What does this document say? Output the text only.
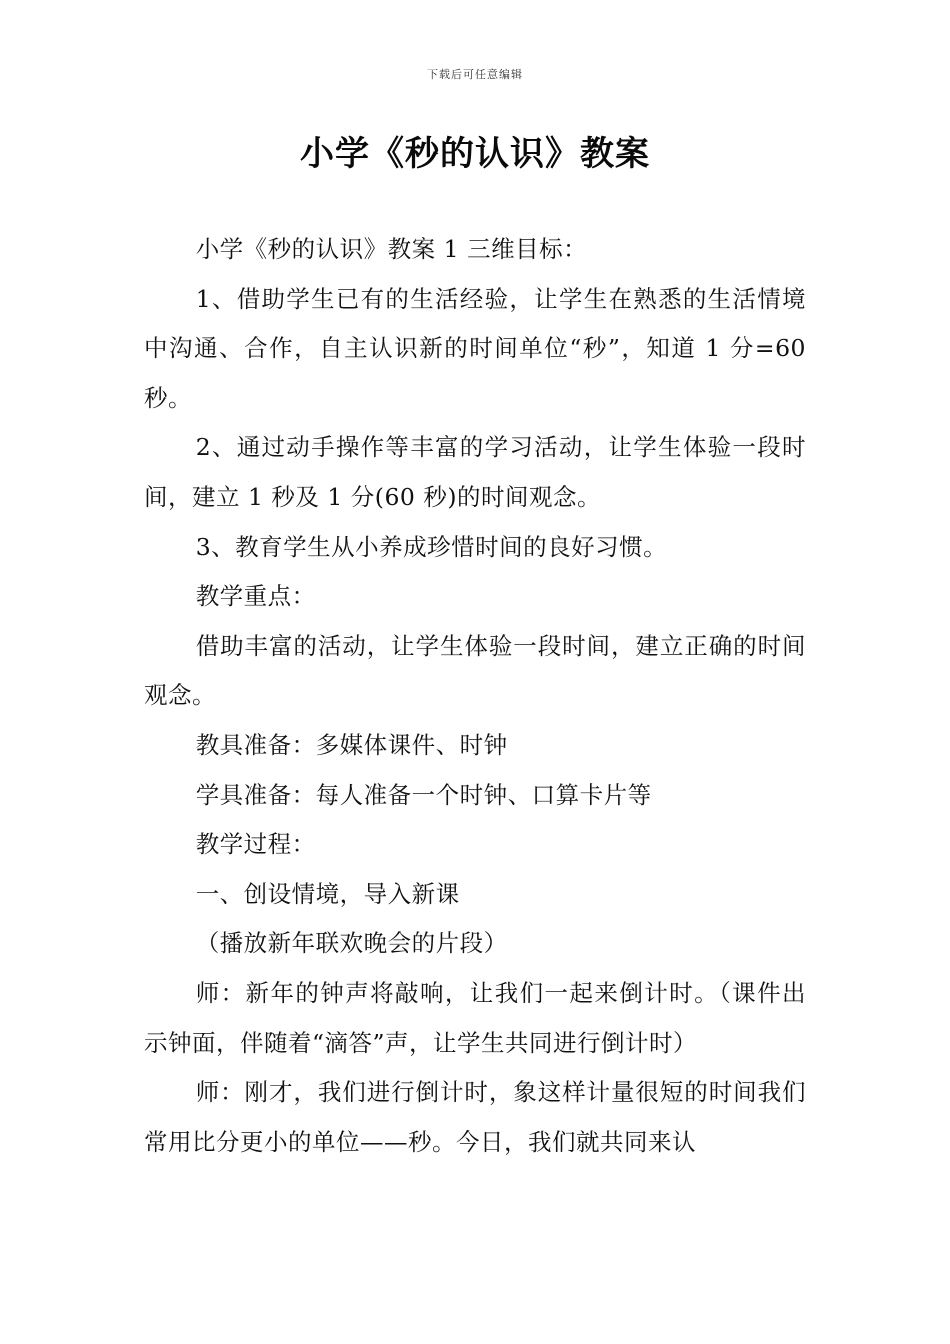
下载后可任意编辑
小学《秒的认识》教案

小学《秒的认识》教案 1 三维目标：

1、借助学生已有的生活经验，让学生在熟悉的生活情境中沟通、合作，自主认识新的时间单位“秒”，知道 1 分=60 秒。

2、通过动手操作等丰富的学习活动，让学生体验一段时间，建立 1 秒及 1 分(60 秒)的时间观念。

3、教育学生从小养成珍惜时间的良好习惯。

教学重点：

借助丰富的活动，让学生体验一段时间，建立正确的时间观念。

教具准备：多媒体课件、时钟

学具准备：每人准备一个时钟、口算卡片等

教学过程：

一、创设情境，导入新课

（播放新年联欢晚会的片段）

师：新年的钟声将敲响，让我们一起来倒计时。（课件出示钟面，伴随着“滴答”声，让学生共同进行倒计时）

师：刚才，我们进行倒计时，象这样计量很短的时间我们常用比分更小的单位——秒。今日，我们就共同来认
